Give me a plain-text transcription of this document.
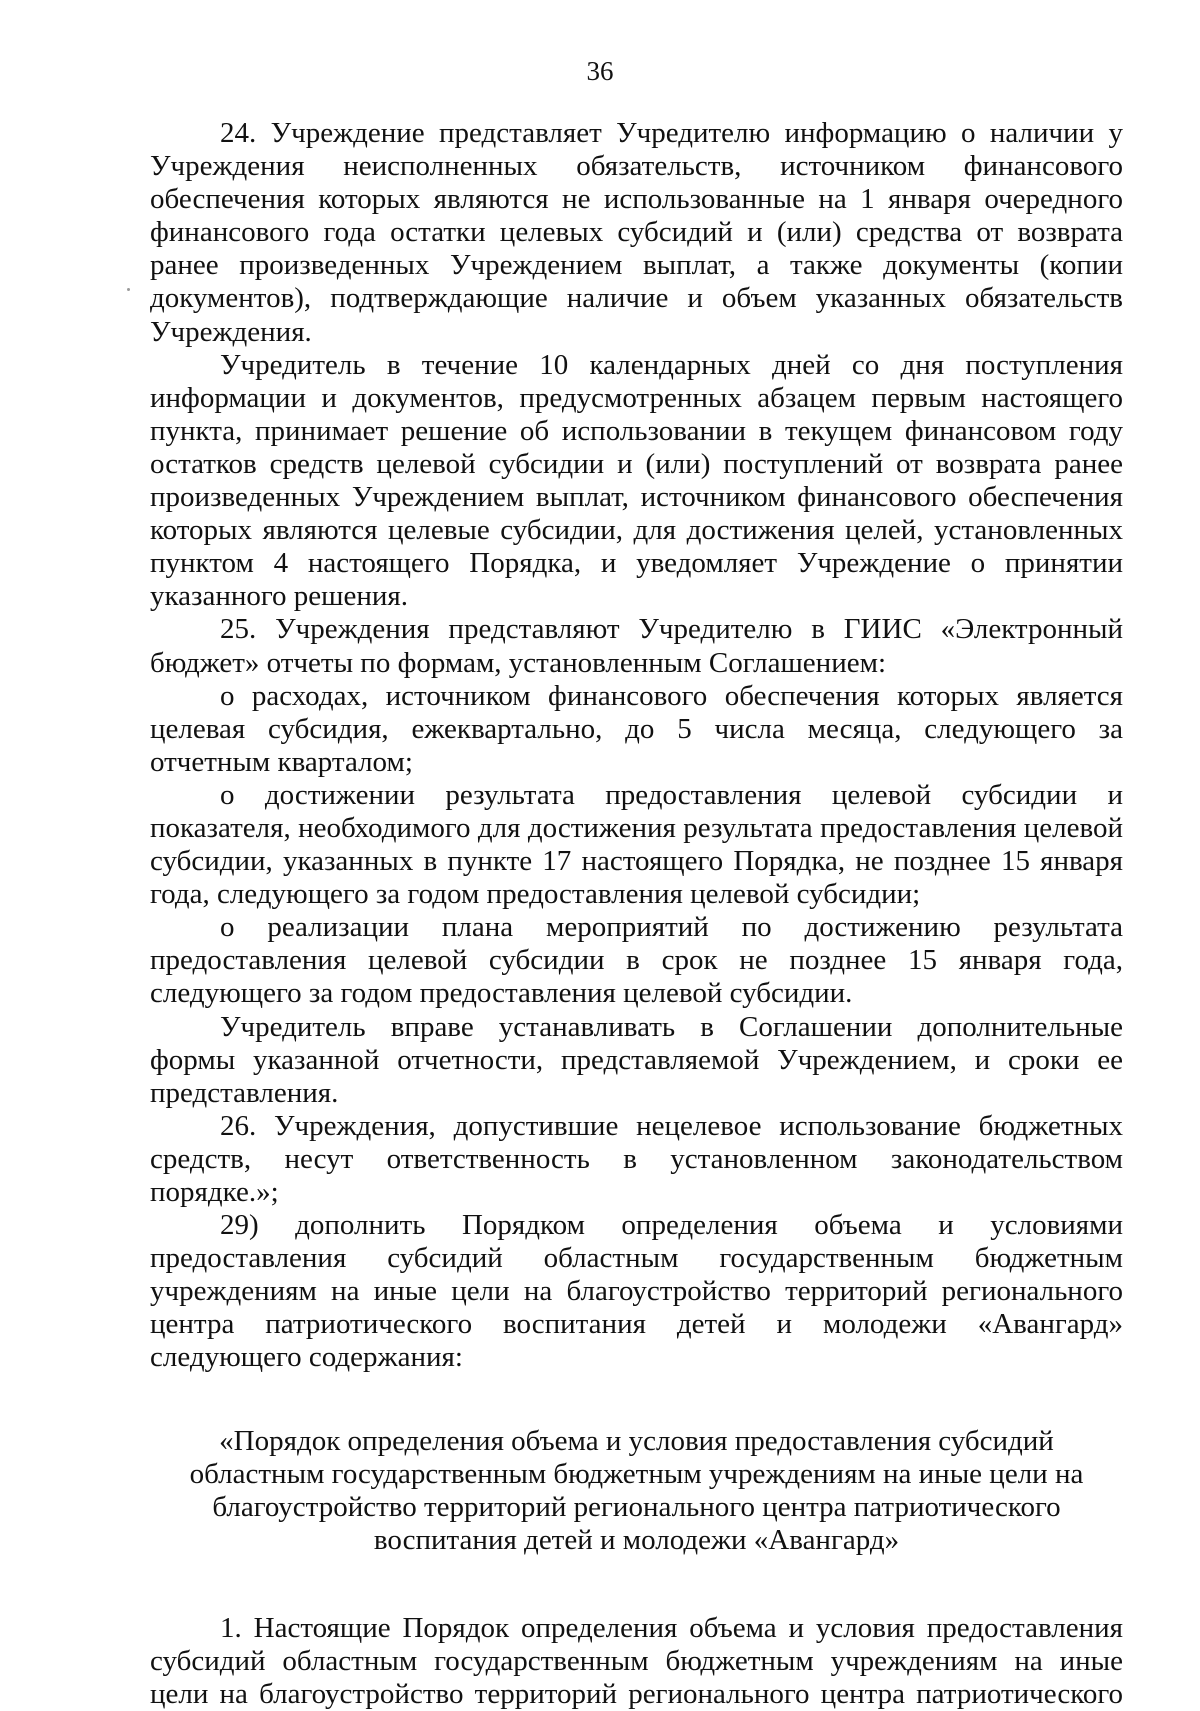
36

24. Учреждение представляет Учредителю информацию о наличии у Учреждения неисполненных обязательств, источником финансового обеспечения которых являются не использованные на 1 января очередного финансового года остатки целевых субсидий и (или) средства от возврата ранее произведенных Учреждением выплат, а также документы (копии документов), подтверждающие наличие и объем указанных обязательств Учреждения.

Учредитель в течение 10 календарных дней со дня поступления информации и документов, предусмотренных абзацем первым настоящего пункта, принимает решение об использовании в текущем финансовом году остатков средств целевой субсидии и (или) поступлений от возврата ранее произведенных Учреждением выплат, источником финансового обеспечения которых являются целевые субсидии, для достижения целей, установленных пунктом 4 настоящего Порядка, и уведомляет Учреждение о принятии указанного решения.

25. Учреждения представляют Учредителю в ГИИС «Электронный бюджет» отчеты по формам, установленным Соглашением:

о расходах, источником финансового обеспечения которых является целевая субсидия, ежеквартально, до 5 числа месяца, следующего за отчетным кварталом;

о достижении результата предоставления целевой субсидии и показателя, необходимого для достижения результата предоставления целевой субсидии, указанных в пункте 17 настоящего Порядка, не позднее 15 января года, следующего за годом предоставления целевой субсидии;

о реализации плана мероприятий по достижению результата предоставления целевой субсидии в срок не позднее 15 января года, следующего за годом предоставления целевой субсидии.

Учредитель вправе устанавливать в Соглашении дополнительные формы указанной отчетности, представляемой Учреждением, и сроки ее представления.

26. Учреждения, допустившие нецелевое использование бюджетных средств, несут ответственность в установленном законодательством порядке.»;

29) дополнить Порядком определения объема и условиями предоставления субсидий областным государственным бюджетным учреждениям на иные цели на благоустройство территорий регионального центра патриотического воспитания детей и молодежи «Авангард» следующего содержания:

«Порядок определения объема и условия предоставления субсидий
областным государственным бюджетным учреждениям на иные цели на
благоустройство территорий регионального центра патриотического
воспитания детей и молодежи «Авангард»

1. Настоящие Порядок определения объема и условия предоставления субсидий областным государственным бюджетным учреждениям на иные цели на благоустройство территорий регионального центра патриотического
